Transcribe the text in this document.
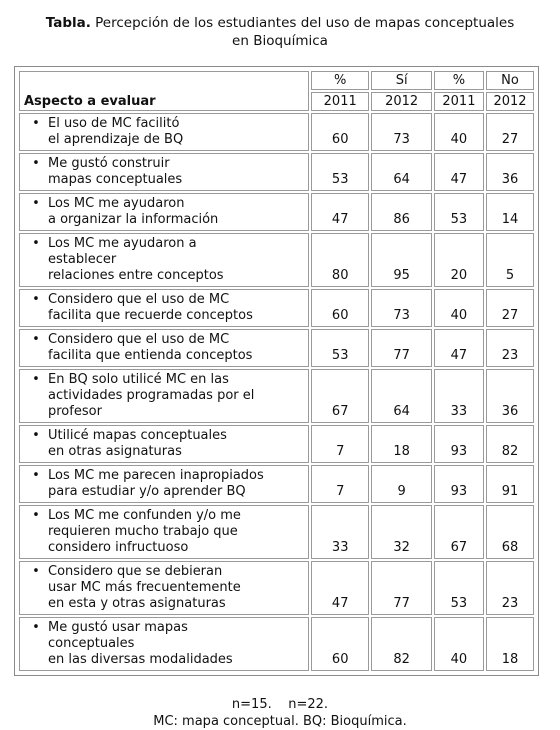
Tabla. Percepción de los estudiantes del uso de mapas conceptuales
en Bioquímica
Aspecto a evaluar	%	Sí	%	No
	2011	2012	2011	2012

• El uso de MC facilitó
el aprendizaje de BQ	60	73	40	27

• Me gustó construir
mapas conceptuales	53	64	47	36

• Los MC me ayudaron
a organizar la información	47	86	53	14

• Los MC me ayudaron a
establecer
relaciones entre conceptos	80	95	20	5

• Considero que el uso de MC
facilita que recuerde conceptos	60	73	40	27

• Considero que el uso de MC
facilita que entienda conceptos	53	77	47	23

• En BQ solo utilicé MC en las
actividades programadas por el
profesor	67	64	33	36

• Utilicé mapas conceptuales
en otras asignaturas	7	18	93	82

• Los MC me parecen inapropiados
para estudiar y/o aprender BQ	7	9	93	91

• Los MC me confunden y/o me
requieren mucho trabajo que
considero infructuoso	33	32	67	68

• Considero que se debieran
usar MC más frecuentemente
en esta y otras asignaturas	47	77	53	23

• Me gustó usar mapas
conceptuales
en las diversas modalidades	60	82	40	18
n=15.    n=22.
MC: mapa conceptual. BQ: Bioquímica.
